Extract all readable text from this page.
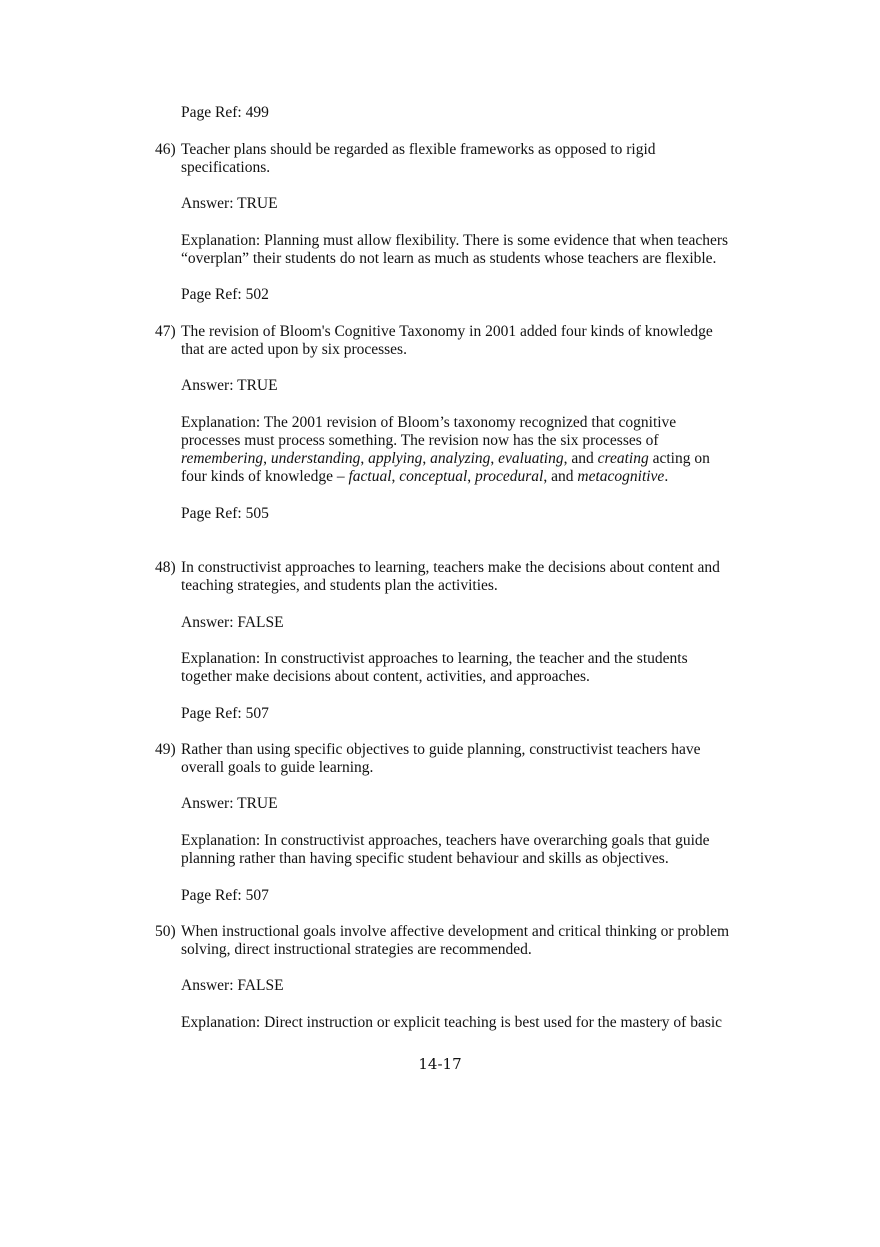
Page Ref: 499
46) Teacher plans should be regarded as flexible frameworks as opposed to rigid
specifications.
Answer: TRUE
Explanation: Planning must allow flexibility. There is some evidence that when teachers
“overplan” their students do not learn as much as students whose teachers are flexible.
Page Ref: 502
47) The revision of Bloom's Cognitive Taxonomy in 2001 added four kinds of knowledge
that are acted upon by six processes.
Answer: TRUE
Explanation: The 2001 revision of Bloom’s taxonomy recognized that cognitive
processes must process something. The revision now has the six processes of
remembering, understanding, applying, analyzing, evaluating, and creating acting on
four kinds of knowledge – factual, conceptual, procedural, and metacognitive.
Page Ref: 505
48) In constructivist approaches to learning, teachers make the decisions about content and
teaching strategies, and students plan the activities.
Answer: FALSE
Explanation: In constructivist approaches to learning, the teacher and the students
together make decisions about content, activities, and approaches.
Page Ref: 507
49) Rather than using specific objectives to guide planning, constructivist teachers have
overall goals to guide learning.
Answer: TRUE
Explanation: In constructivist approaches, teachers have overarching goals that guide
planning rather than having specific student behaviour and skills as objectives.
Page Ref: 507
50) When instructional goals involve affective development and critical thinking or problem
solving, direct instructional strategies are recommended.
Answer: FALSE
Explanation: Direct instruction or explicit teaching is best used for the mastery of basic
14-17
